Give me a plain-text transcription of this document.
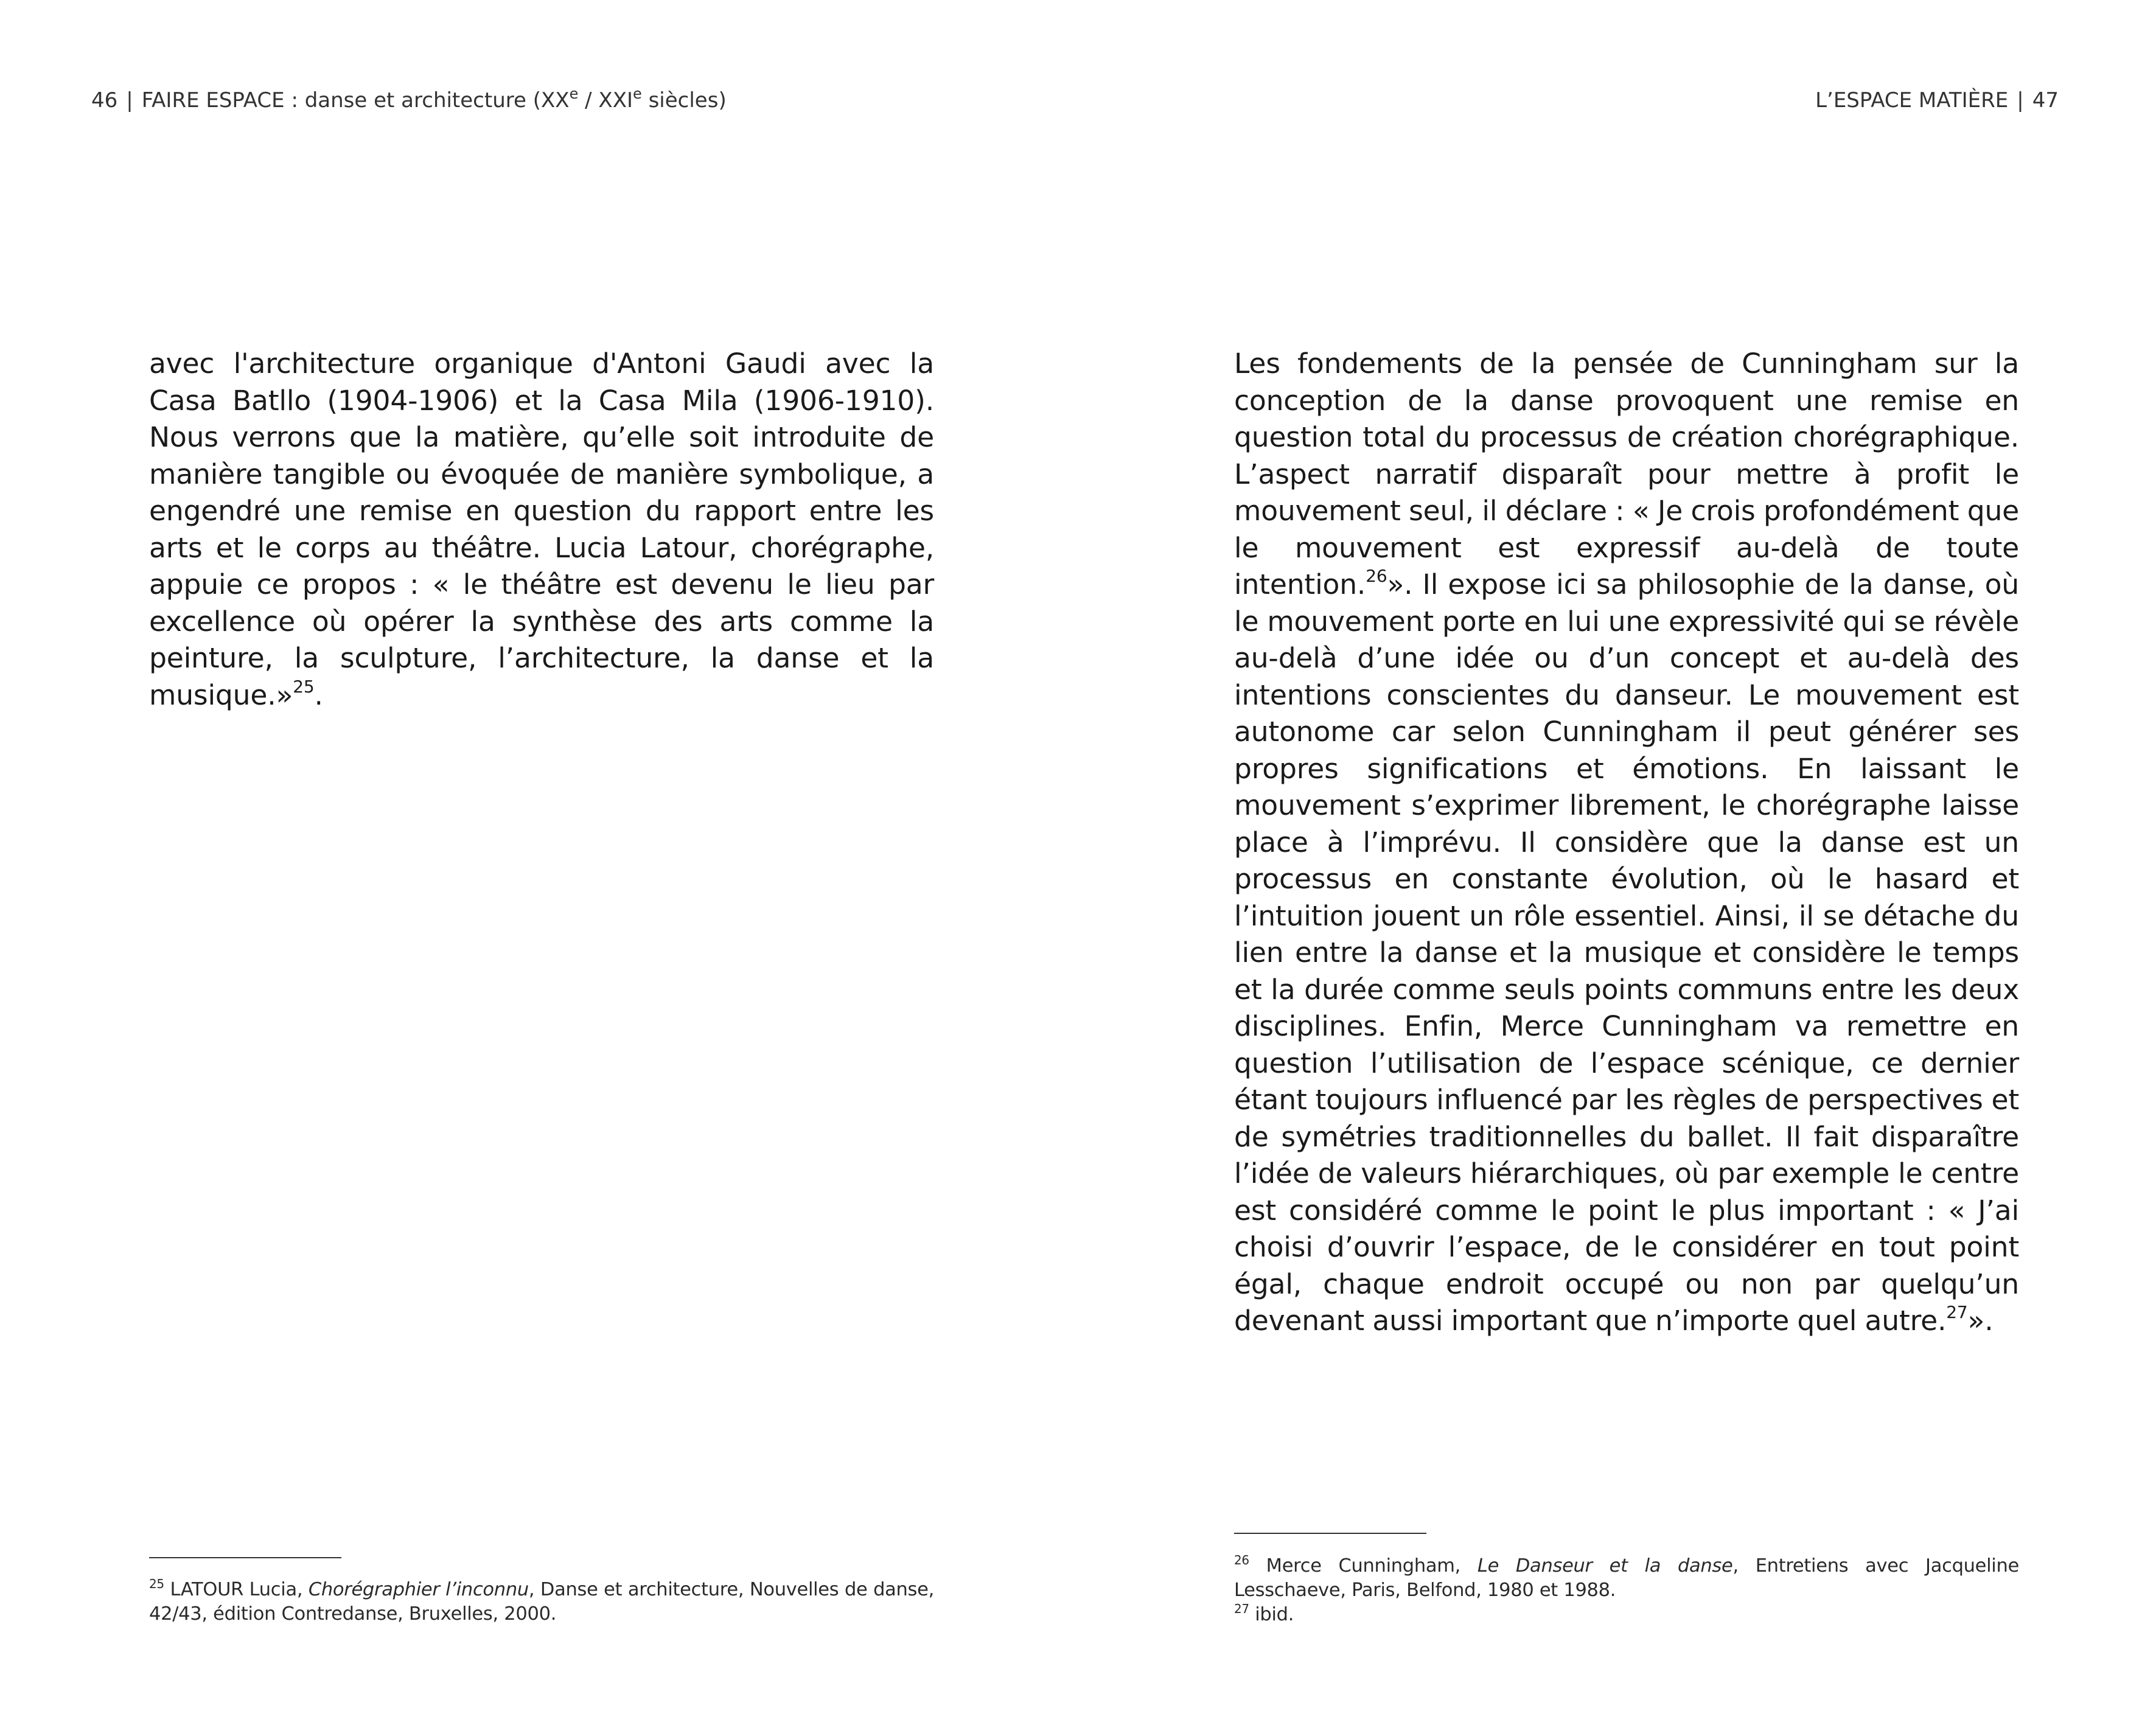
46 | FAIRE ESPACE : danse et architecture (XXe / XXIe siècles)

avec l'architecture organique d'Antoni Gaudi avec la Casa Batllo (1904-1906) et la Casa Mila (1906-1910). Nous verrons que la matière, qu’elle soit introduite de manière tangible ou évoquée de manière symbolique, a engendré une remise en question du rapport entre les arts et le corps au théâtre. Lucia Latour, chorégraphe, appuie ce propos : « le théâtre est devenu le lieu par excellence où opérer la synthèse des arts comme la peinture, la sculpture, l’architecture, la danse et la musique.»$^{25}$.

$^{25}$ LATOUR Lucia, Chorégraphier l’inconnu, Danse et architecture, Nouvelles de danse, 42/43, édition Contredanse, Bruxelles, 2000.

L’ESPACE MATIÈRE | 47

Les fondements de la pensée de Cunningham sur la conception de la danse provoquent une remise en question total du processus de création chorégraphique. L’aspect narratif disparaît pour mettre à profit le mouvement seul, il déclare : « Je crois profondément que le mouvement est expressif au-delà de toute intention.$^{26}$». Il expose ici sa philosophie de la danse, où le mouvement porte en lui une expressivité qui se révèle au-delà d’une idée ou d’un concept et au-delà des intentions conscientes du danseur. Le mouvement est autonome car selon Cunningham il peut générer ses propres significations et émotions. En laissant le mouvement s’exprimer librement, le chorégraphe laisse place à l’imprévu. Il considère que la danse est un processus en constante évolution, où le hasard et l’intuition jouent un rôle essentiel. Ainsi, il se détache du lien entre la danse et la musique et considère le temps et la durée comme seuls points communs entre les deux disciplines. Enfin, Merce Cunningham va remettre en question l’utilisation de l’espace scénique, ce dernier étant toujours influencé par les règles de perspectives et de symétries traditionnelles du ballet. Il fait disparaître l’idée de valeurs hiérarchiques, où par exemple le centre est considéré comme le point le plus important : « J’ai choisi d’ouvrir l’espace, de le considérer en tout point égal, chaque endroit occupé ou non par quelqu’un devenant aussi important que n’importe quel autre.$^{27}$».

$^{26}$ Merce Cunningham, Le Danseur et la danse, Entretiens avec Jacqueline Lesschaeve, Paris, Belfond, 1980 et 1988.

$^{27}$ ibid.
